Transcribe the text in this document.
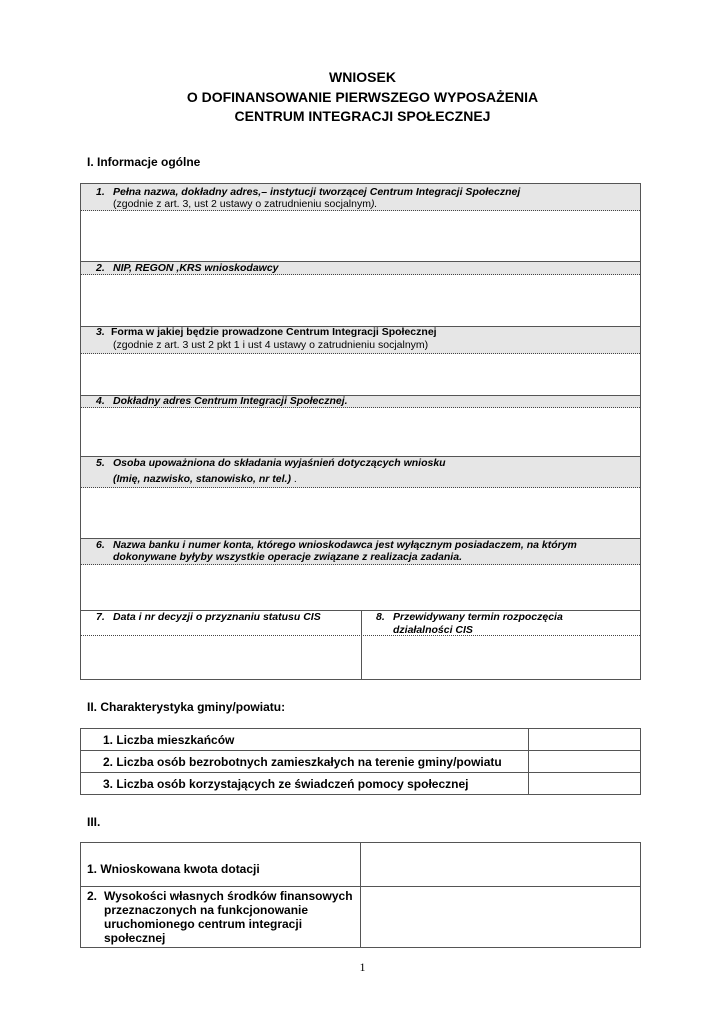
WNIOSEK
O DOFINANSOWANIE PIERWSZEGO WYPOSAŻENIA
CENTRUM INTEGRACJI SPOŁECZNEJ
I. Informacje ogólne
1. Pełna nazwa, dokładny adres,– instytucji tworzącej Centrum Integracji Społecznej
(zgodnie z art. 3, ust 2 ustawy o zatrudnieniu socjalnym).
2. NIP, REGON ,KRS wnioskodawcy
3. Forma w jakiej będzie prowadzone Centrum Integracji Społecznej
(zgodnie z art. 3 ust 2 pkt 1 i ust 4 ustawy o zatrudnieniu socjalnym)
4. Dokładny adres Centrum Integracji Społecznej.
5. Osoba upoważniona do składania wyjaśnień dotyczących wniosku
(Imię, nazwisko, stanowisko, nr tel.) .
6. Nazwa banku i numer konta, którego wnioskodawca jest wyłącznym posiadaczem, na którym
dokonywane byłyby wszystkie operacje związane z realizacja zadania.
7. Data i nr decyzji o przyznaniu statusu CIS	8. Przewidywany termin rozpoczęcia
działalności CIS
II. Charakterystyka gminy/powiatu:
1. Liczba mieszkańców	
2. Liczba osób bezrobotnych zamieszkałych na terenie gminy/powiatu	
3. Liczba osób korzystających ze świadczeń pomocy społecznej	
III.
1. Wnioskowana kwota dotacji	

2. Wysokości własnych środków finansowych przeznaczonych na funkcjonowanie uruchomionego centrum integracji społecznej	

1
